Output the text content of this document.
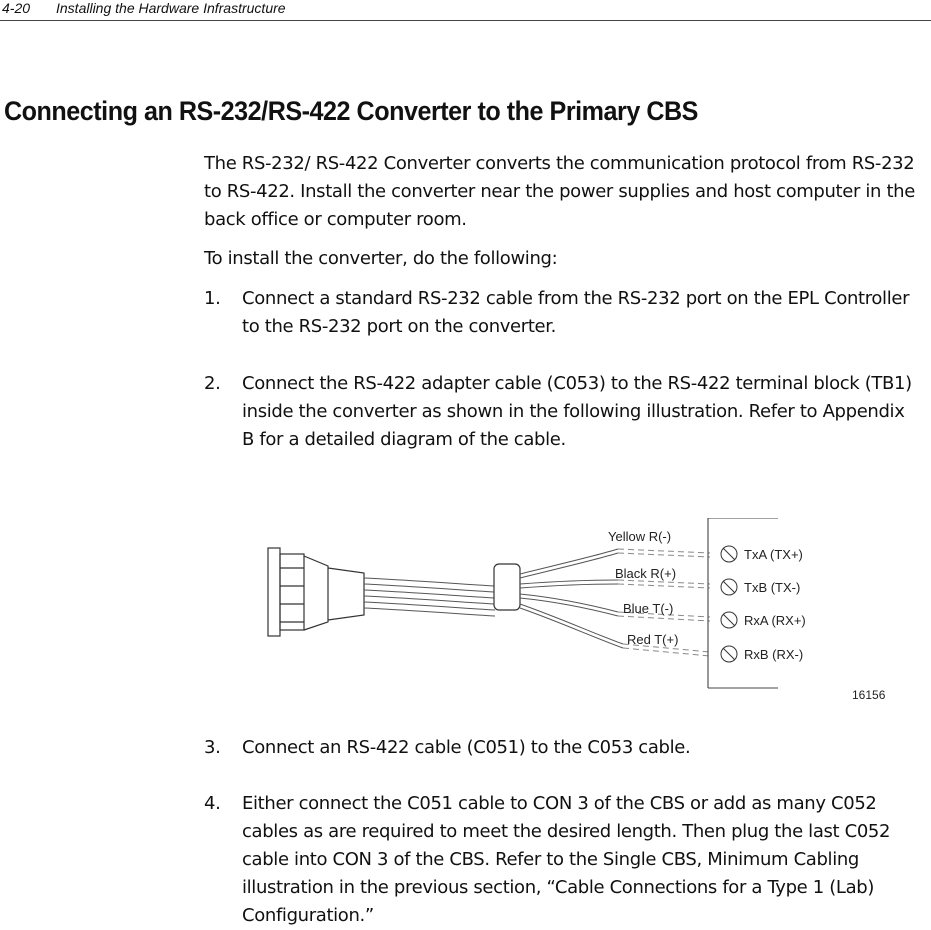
4-20 Installing the Hardware Infrastructure
Connecting an RS-232/RS-422 Converter to the Primary CBS

The RS-232/ RS-422 Converter converts the communication protocol from RS-232 to RS-422. Install the converter near the power supplies and host computer in the back office or computer room.

To install the converter, do the following:

1.	Connect a standard RS-232 cable from the RS-232 port on the EPL Controller to the RS-232 port on the converter.
2.	Connect the RS-422 adapter cable (C053) to the RS-422 terminal block (TB1) inside the converter as shown in the following illustration. Refer to Appendix B for a detailed diagram of the cable.
Yellow R(-)
Black R(+)
Blue T(-)
Red T(+)
TxA (TX+)
TxB (TX-)
RxA (RX+)
RxB (RX-)
16156
3.	Connect an RS-422 cable (C051) to the C053 cable.
4.	Either connect the C051 cable to CON 3 of the CBS or add as many C052 cables as are required to meet the desired length. Then plug the last C052 cable into CON 3 of the CBS. Refer to the Single CBS, Minimum Cabling illustration in the previous section, “Cable Connections for a Type 1 (Lab) Configuration.”
